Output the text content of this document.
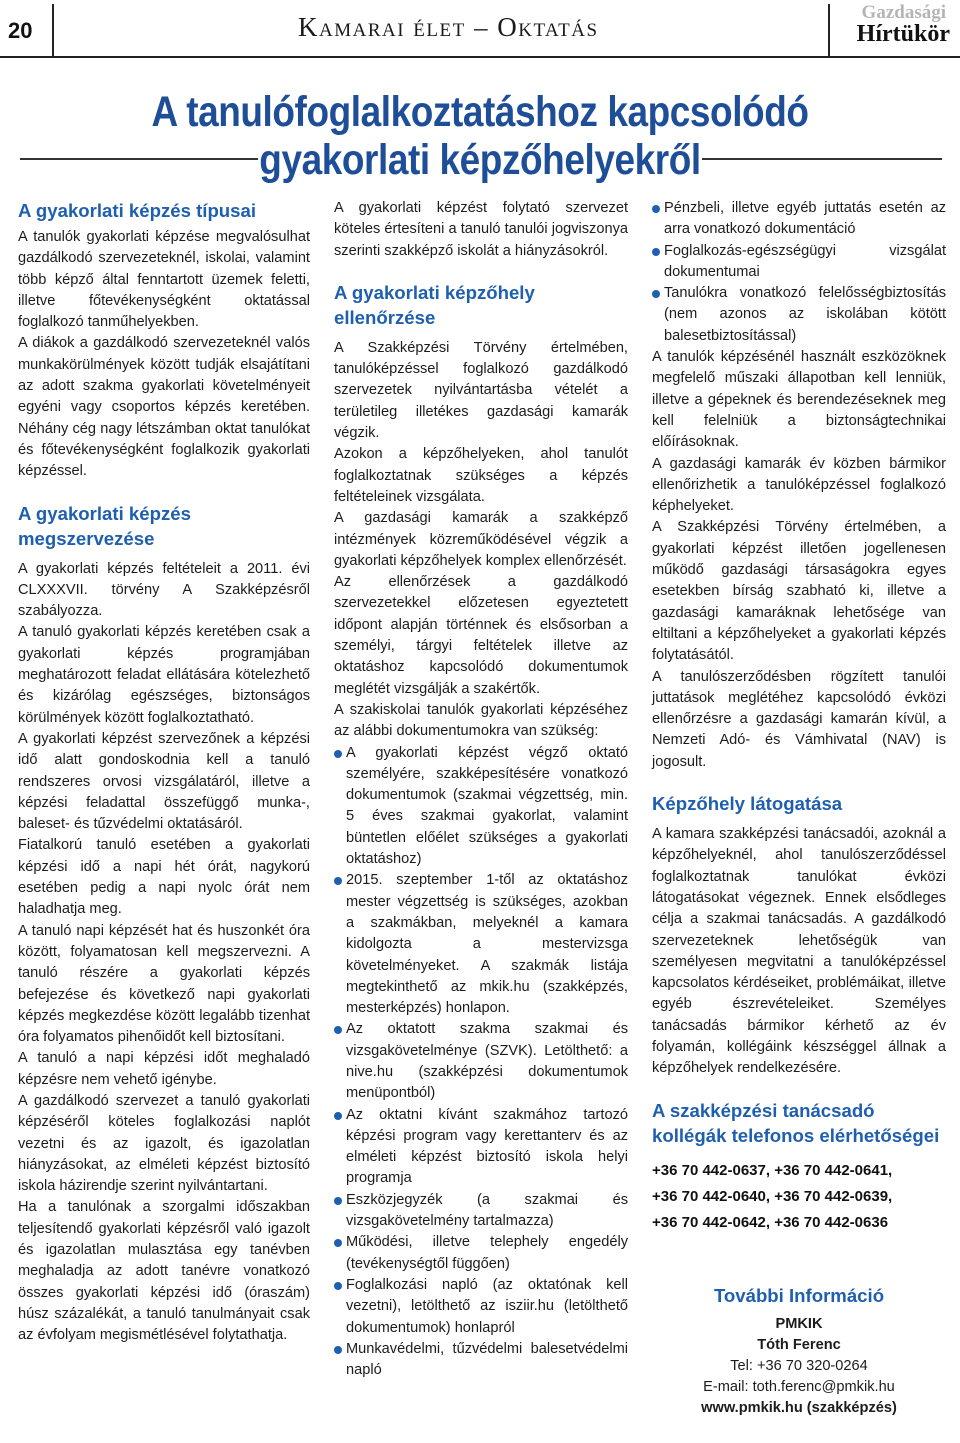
20	Kamarai élet – Oktatás	Gazdasági
Hírtükör
A tanulófoglalkoztatáshoz kapcsolódó
gyakorlati képzőhelyekről
A gyakorlati képzés típusai

A tanulók gyakorlati képzése megvalósulhat gazdálkodó szervezeteknél, iskolai, valamint több képző által fenntartott üzemek feletti, illetve főtevékenységként oktatással foglalkozó tanműhelyekben.

A diákok a gazdálkodó szervezeteknél valós munkakörülmények között tudják elsajátítani az adott szakma gyakorlati követelményeit egyéni vagy csoportos képzés keretében. Néhány cég nagy létszámban oktat tanulókat és főtevékenységként foglalkozik gyakorlati képzéssel.

A gyakorlati képzés megszervezése

A gyakorlati képzés feltételeit a 2011. évi CLXXXVII. törvény A Szakképzésről szabályozza.

A tanuló gyakorlati képzés keretében csak a gyakorlati képzés programjában meghatározott feladat ellátására kötelezhető és kizárólag egészséges, biztonságos körülmények között foglalkoztatható.

A gyakorlati képzést szervezőnek a képzési idő alatt gondoskodnia kell a tanuló rendszeres orvosi vizsgálatáról, illetve a képzési feladattal összefüggő munka-, baleset- és tűzvédelmi oktatásáról.

Fiatalkorú tanuló esetében a gyakorlati képzési idő a napi hét órát, nagykorú esetében pedig a napi nyolc órát nem haladhatja meg.

A tanuló napi képzését hat és huszonkét óra között, folyamatosan kell megszervezni. A tanuló részére a gyakorlati képzés befejezése és következő napi gyakorlati képzés megkezdése között legalább tizenhat óra folyamatos pihenőidőt kell biztosítani.

A tanuló a napi képzési időt meghaladó képzésre nem vehető igénybe.

A gazdálkodó szervezet a tanuló gyakorlati képzéséről köteles foglalkozási naplót vezetni és az igazolt, és igazolatlan hiányzásokat, az elméleti képzést biztosító iskola házirendje szerint nyilvántartani.

Ha a tanulónak a szorgalmi időszakban teljesítendő gyakorlati képzésről való igazolt és igazolatlan mulasztása egy tanévben meghaladja az adott tanévre vonatkozó összes gyakorlati képzési idő (óraszám) húsz százalékát, a tanuló tanulmányait csak az évfolyam megismétlésével folytathatja.

A gyakorlati képzést folytató szervezet köteles értesíteni a tanuló tanulói jogviszonya szerinti szakképző iskolát a hiányzásokról.

A gyakorlati képzőhely ellenőrzése

A Szakképzési Törvény értelmében, tanulóképzéssel foglalkozó gazdálkodó szervezetek nyilvántartásba vételét a területileg illetékes gazdasági kamarák végzik.

Azokon a képzőhelyeken, ahol tanulót foglalkoztatnak szükséges a képzés feltételeinek vizsgálata.

A gazdasági kamarák a szakképző intézmények közreműködésével végzik a gyakorlati képzőhelyek komplex ellenőrzését.

Az ellenőrzések a gazdálkodó szervezetekkel előzetesen egyeztetett időpont alapján történnek és elsősorban a személyi, tárgyi feltételek illetve az oktatáshoz kapcsolódó dokumentumok meglétét vizsgálják a szakértők.

A szakiskolai tanulók gyakorlati képzéséhez az alábbi dokumentumokra van szükség:

A gyakorlati képzést végző oktató személyére, szakképesítésére vonatkozó dokumentumok (szakmai végzettség, min. 5 éves szakmai gyakorlat, valamint büntetlen előélet szükséges a gyakorlati oktatáshoz)
2015. szeptember 1-től az oktatáshoz mester végzettség is szükséges, azokban a szakmákban, melyeknél a kamara kidolgozta a mestervizsga követelményeket. A szakmák listája megtekinthető az mkik.hu (szakképzés, mesterképzés) honlapon.
Az oktatott szakma szakmai és vizsgakövetelménye (SZVK). Letölthető: a nive.hu (szakképzési dokumentumok menüpontból)
Az oktatni kívánt szakmához tartozó képzési program vagy kerettanterv és az elméleti képzést biztosító iskola helyi programja
Eszközjegyzék (a szakmai és vizsgakövetelmény tartalmazza)
Működési, illetve telephely engedély (tevékenységtől függően)
Foglalkozási napló (az oktatónak kell vezetni), letölthető az isziir.hu (letölthető dokumentumok) honlapról
Munkavédelmi, tűzvédelmi balesetvédelmi napló
Pénzbeli, illetve egyéb juttatás esetén az arra vonatkozó dokumentáció
Foglalkozás-egészségügyi vizsgálat dokumentumai
Tanulókra vonatkozó felelősségbiztosítás (nem azonos az iskolában kötött balesetbiztosítással)

A tanulók képzésénél használt eszközöknek megfelelő műszaki állapotban kell lenniük, illetve a gépeknek és berendezéseknek meg kell felelniük a biztonságtechnikai előírásoknak.

A gazdasági kamarák év közben bármikor ellenőrizhetik a tanulóképzéssel foglalkozó képhelyeket.

A Szakképzési Törvény értelmében, a gyakorlati képzést illetően jogellenesen működő gazdasági társaságokra egyes esetekben bírság szabható ki, illetve a gazdasági kamaráknak lehetősége van eltiltani a képzőhelyeket a gyakorlati képzés folytatásától.

A tanulószerződésben rögzített tanulói juttatások meglétéhez kapcsolódó évközi ellenőrzésre a gazdasági kamarán kívül, a Nemzeti Adó- és Vámhivatal (NAV) is jogosult.

Képzőhely látogatása

A kamara szakképzési tanácsadói, azoknál a képzőhelyeknél, ahol tanulószerződéssel foglalkoztatnak tanulókat évközi látogatásokat végeznek. Ennek elsődleges célja a szakmai tanácsadás. A gazdálkodó szervezeteknek lehetőségük van személyesen megvitatni a tanulóképzéssel kapcsolatos kérdéseiket, problémáikat, illetve egyéb észrevételeiket. Személyes tanácsadás bármikor kérhető az év folyamán, kollégáink készséggel állnak a képzőhelyek rendelkezésére.

A szakképzési tanácsadó kollégák telefonos elérhetőségei
+36 70 442-0637, +36 70 442-0641,
+36 70 442-0640, +36 70 442-0639,
+36 70 442-0642, +36 70 442-0636
További Információ
PMKIK
Tóth Ferenc
Tel: +36 70 320-0264
E-mail: toth.ferenc@pmkik.hu
www.pmkik.hu (szakképzés)
